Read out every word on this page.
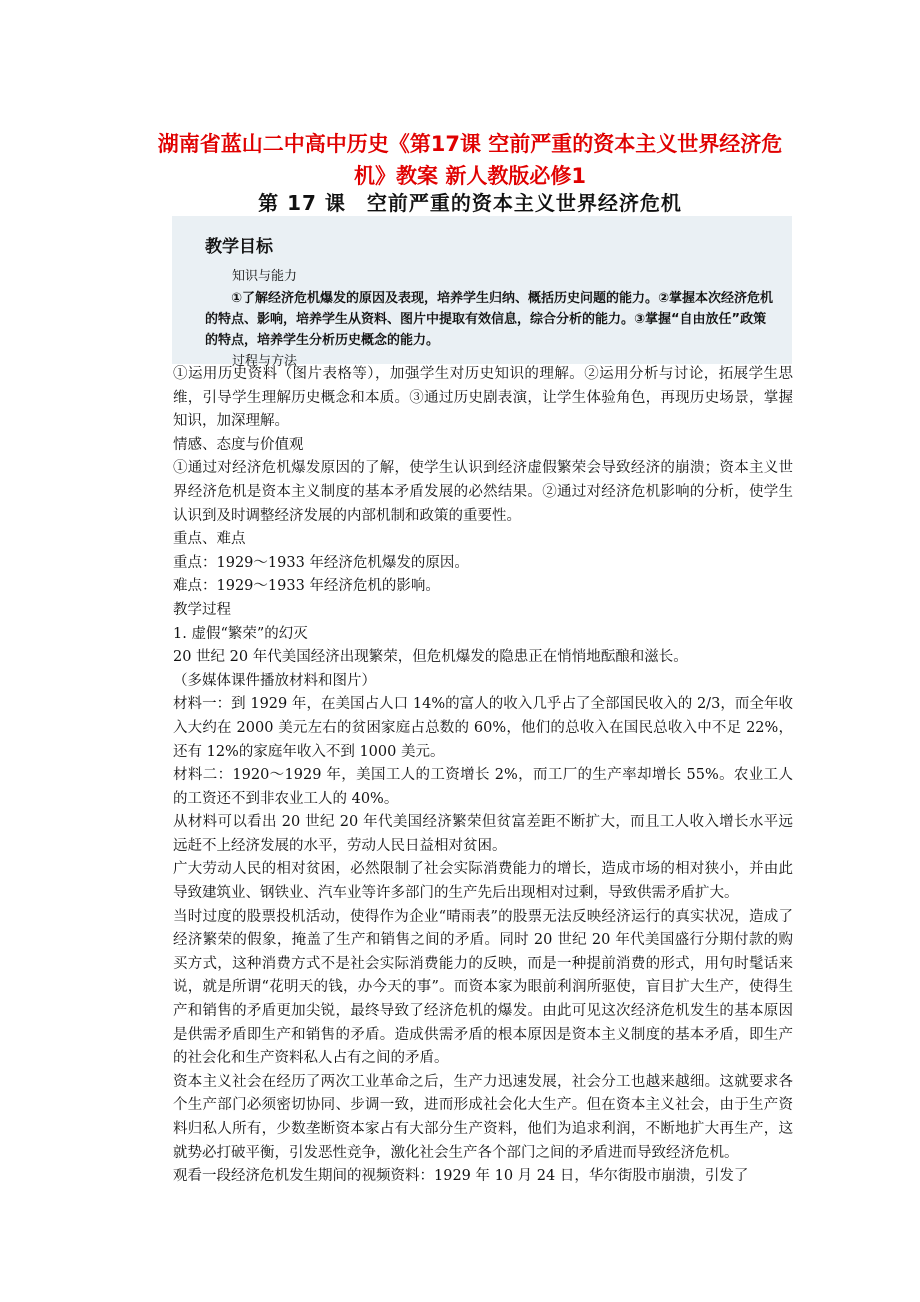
湖南省蓝山二中高中历史《第17课 空前严重的资本主义世界经济危机》教案 新人教版必修1
第 17 课　空前严重的资本主义世界经济危机
教学目标

知识与能力

①了解经济危机爆发的原因及表现，培养学生归纳、概括历史问题的能力。②掌握本次经济危机的特点、影响，培养学生从资料、图片中提取有效信息，综合分析的能力。③掌握“自由放任”政策的特点，培养学生分析历史概念的能力。

过程与方法

①运用历史资料（图片表格等），加强学生对历史知识的理解。②运用分析与讨论，拓展学生思维，引导学生理解历史概念和本质。③通过历史剧表演，让学生体验角色，再现历史场景，掌握知识，加深理解。

情感、态度与价值观

①通过对经济危机爆发原因的了解，使学生认识到经济虚假繁荣会导致经济的崩溃；资本主义世界经济危机是资本主义制度的基本矛盾发展的必然结果。②通过对经济危机影响的分析，使学生认识到及时调整经济发展的内部机制和政策的重要性。

重点、难点

重点：1929～1933 年经济危机爆发的原因。

难点：1929～1933 年经济危机的影响。

教学过程

1. 虚假“繁荣”的幻灭

20 世纪 20 年代美国经济出现繁荣，但危机爆发的隐患正在悄悄地酝酿和滋长。

（多媒体课件播放材料和图片）

材料一：到 1929 年，在美国占人口 14%的富人的收入几乎占了全部国民收入的 2/3，而全年收入大约在 2000 美元左右的贫困家庭占总数的 60%，他们的总收入在国民总收入中不足 22%，还有 12%的家庭年收入不到 1000 美元。

材料二：1920～1929 年，美国工人的工资增长 2%，而工厂的生产率却增长 55%。农业工人的工资还不到非农业工人的 40%。

从材料可以看出 20 世纪 20 年代美国经济繁荣但贫富差距不断扩大，而且工人收入增长水平远远赶不上经济发展的水平，劳动人民日益相对贫困。

广大劳动人民的相对贫困，必然限制了社会实际消费能力的增长，造成市场的相对狭小，并由此导致建筑业、钢铁业、汽车业等许多部门的生产先后出现相对过剩，导致供需矛盾扩大。

当时过度的股票投机活动，使得作为企业“晴雨表”的股票无法反映经济运行的真实状况，造成了经济繁荣的假象，掩盖了生产和销售之间的矛盾。同时 20 世纪 20 年代美国盛行分期付款的购买方式，这种消费方式不是社会实际消费能力的反映，而是一种提前消费的形式，用句时髦话来说，就是所谓“花明天的钱，办今天的事”。而资本家为眼前利润所驱使，盲目扩大生产，使得生产和销售的矛盾更加尖锐，最终导致了经济危机的爆发。由此可见这次经济危机发生的基本原因是供需矛盾即生产和销售的矛盾。造成供需矛盾的根本原因是资本主义制度的基本矛盾，即生产的社会化和生产资料私人占有之间的矛盾。

资本主义社会在经历了两次工业革命之后，生产力迅速发展，社会分工也越来越细。这就要求各个生产部门必须密切协同、步调一致，进而形成社会化大生产。但在资本主义社会，由于生产资料归私人所有，少数垄断资本家占有大部分生产资料，他们为追求利润，不断地扩大再生产，这就势必打破平衡，引发恶性竞争，激化社会生产各个部门之间的矛盾进而导致经济危机。

观看一段经济危机发生期间的视频资料：1929 年 10 月 24 日，华尔街股市崩溃，引发了
